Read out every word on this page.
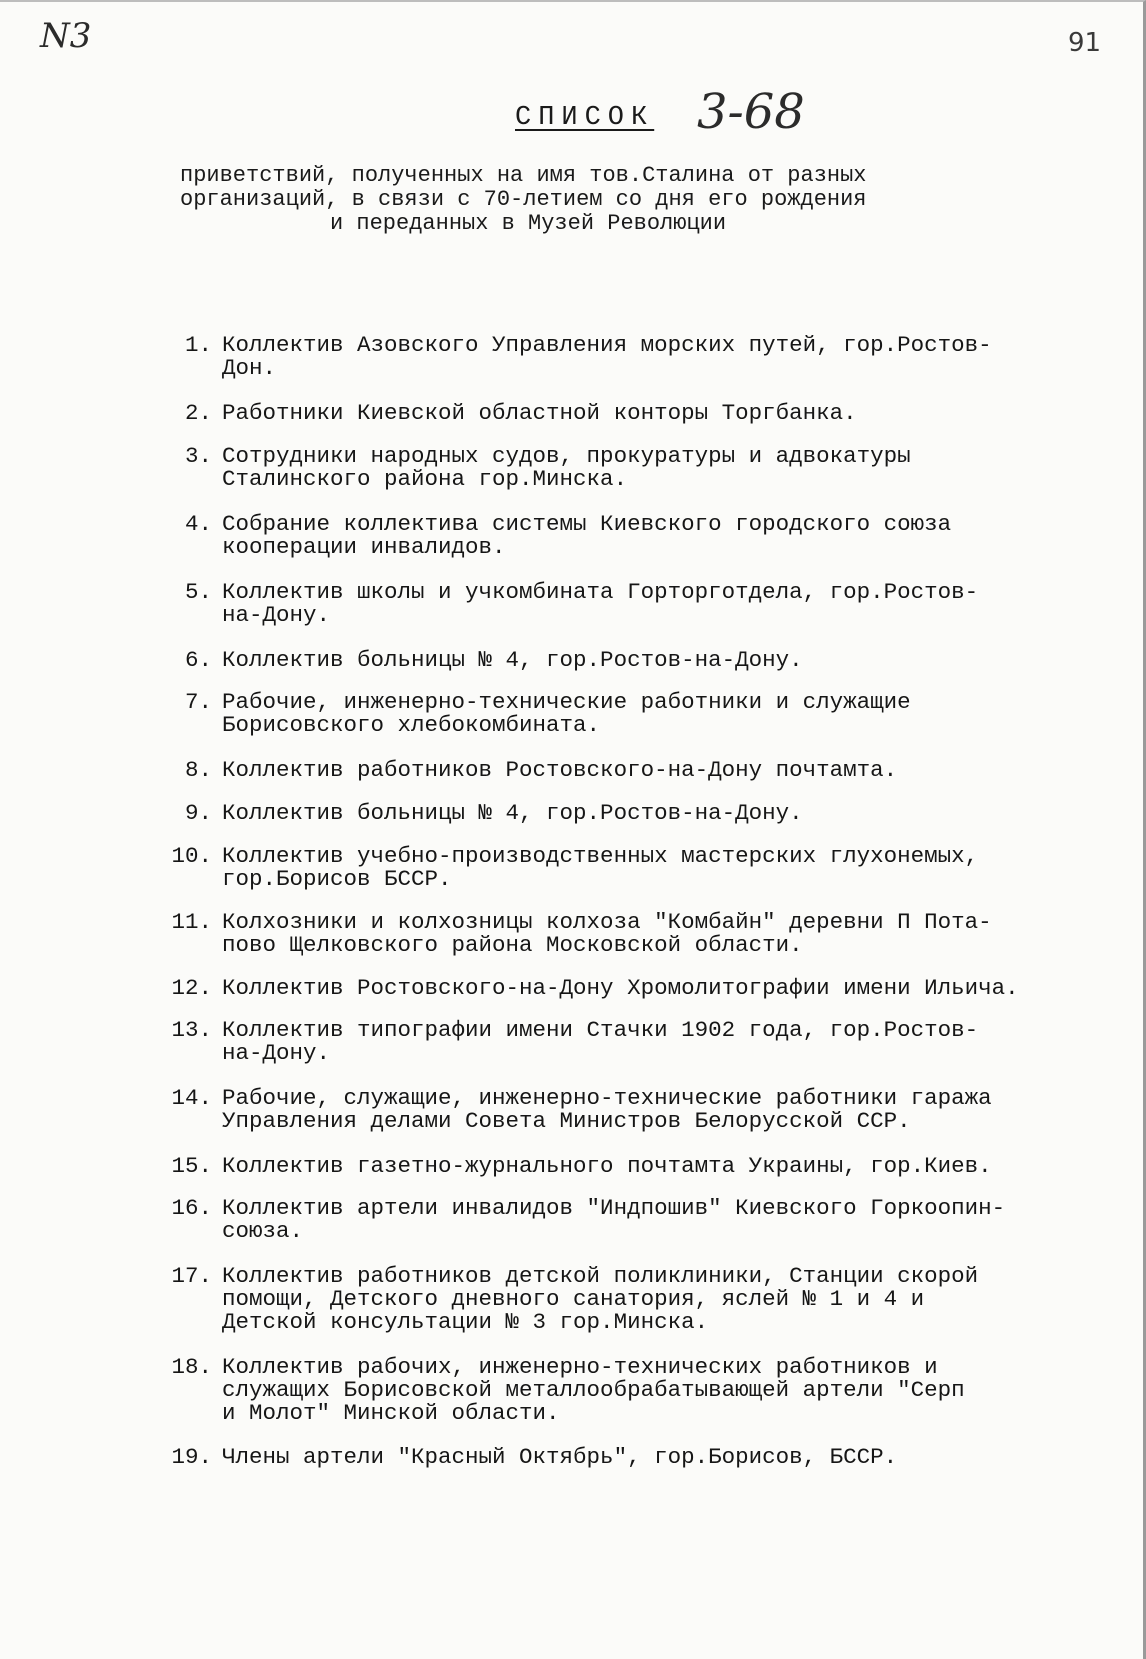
N3	91
СПИСОК 3-68
приветствий, полученных на имя тов.Сталина от разных
организаций, в связи с 70-летием со дня его рождения
и переданных в Музей Революции
1. Коллектив Азовского Управления морских путей, гор.Ростов-
Дон.
2. Работники Киевской областной конторы Торгбанка.
3. Сотрудники народных судов, прокуратуры и адвокатуры
Сталинского района гор.Минска.
4. Собрание коллектива системы Киевского городского союза
кооперации инвалидов.
5. Коллектив школы и учкомбината Горторготдела, гор.Ростов-
на-Дону.
6. Коллектив больницы № 4, гор.Ростов-на-Дону.
7. Рабочие, инженерно-технические работники и служащие
Борисовского хлебокомбината.
8. Коллектив работников Ростовского-на-Дону почтамта.
9. Коллектив больницы № 4, гор.Ростов-на-Дону.
10. Коллектив учебно-производственных мастерских глухонемых,
гор.Борисов БССР.
11. Колхозники и колхозницы колхоза "Комбайн" деревни П Пота-
пово Щелковского района Московской области.
12. Коллектив Ростовского-на-Дону Хромолитографии имени Ильича.
13. Коллектив типографии имени Стачки 1902 года, гор.Ростов-
на-Дону.
14. Рабочие, служащие, инженерно-технические работники гаража
Управления делами Совета Министров Белорусской ССР.
15. Коллектив газетно-журнального почтамта Украины, гор.Киев.
16. Коллектив артели инвалидов "Индпошив" Киевского Горкоопин-
союза.
17. Коллектив работников детской поликлиники, Станции скорой
помощи, Детского дневного санатория, яслей № 1 и 4 и
Детской консультации № 3 гор.Минска.
18. Коллектив рабочих, инженерно-технических работников и
служащих Борисовской металлообрабатывающей артели "Серп
и Молот" Минской области.
19. Члены артели "Красный Октябрь", гор.Борисов, БССР.
